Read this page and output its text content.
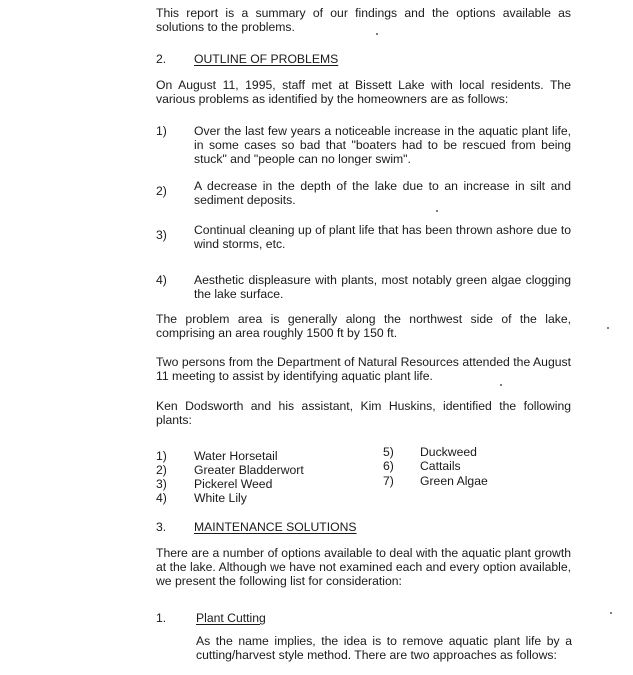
This report is a summary of our findings and the options available as solutions to the problems.

2. OUTLINE OF PROBLEMS

On August 11, 1995, staff met at Bissett Lake with local residents. The various problems as identified by the homeowners are as follows:

1) Over the last few years a noticeable increase in the aquatic plant life, in some cases so bad that "boaters had to be rescued from being stuck" and "people can no longer swim".

2) A decrease in the depth of the lake due to an increase in silt and sediment deposits.

3) Continual cleaning up of plant life that has been thrown ashore due to wind storms, etc.

4) Aesthetic displeasure with plants, most notably green algae clogging the lake surface.

The problem area is generally along the northwest side of the lake, comprising an area roughly 1500 ft by 150 ft.

Two persons from the Department of Natural Resources attended the August 11 meeting to assist by identifying aquatic plant life.

Ken Dodsworth and his assistant, Kim Huskins, identified the following plants:

1) Water Horsetail

2) Greater Bladderwort

3) Pickerel Weed

4) White Lily

5) Duckweed

6) Cattails

7) Green Algae

3. MAINTENANCE SOLUTIONS

There are a number of options available to deal with the aquatic plant growth at the lake. Although we have not examined each and every option available, we present the following list for consideration:

1. Plant Cutting

As the name implies, the idea is to remove aquatic plant life by a cutting/harvest style method. There are two approaches as follows:
